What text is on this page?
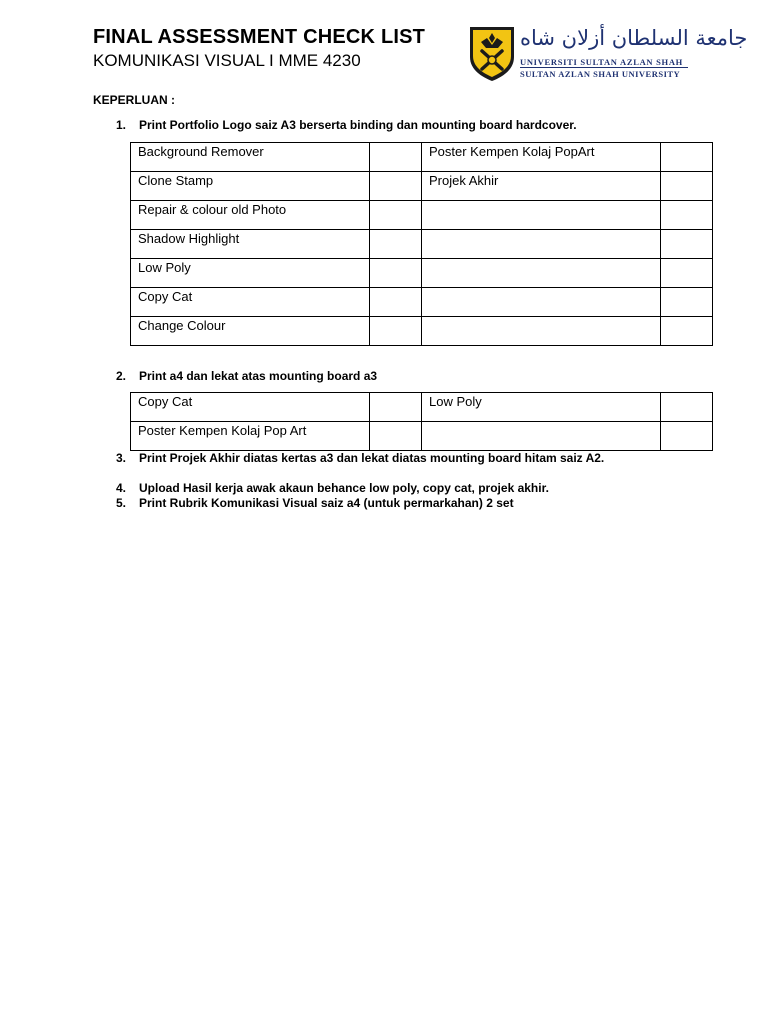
FINAL ASSESSMENT CHECK LIST
KOMUNIKASI VISUAL I MME 4230
جامعة السلطان أزلان شاه
UNIVERSITI SULTAN AZLAN SHAH
SULTAN AZLAN SHAH UNIVERSITY
KEPERLUAN :
1. Print Portfolio Logo saiz A3 berserta binding dan mounting board hardcover.
Background Remover		Poster Kempen Kolaj PopArt	
Clone Stamp		Projek Akhir	
Repair & colour old Photo			
Shadow Highlight			
Low Poly			
Copy Cat			
Change Colour			
2. Print a4 dan lekat atas mounting board a3
Copy Cat		Low Poly	
Poster Kempen Kolaj Pop Art			
3. Print Projek Akhir diatas kertas a3 dan lekat diatas mounting board hitam saiz A2.
4. Upload Hasil kerja awak akaun behance low poly, copy cat, projek akhir.
5. Print Rubrik Komunikasi Visual saiz a4 (untuk permarkahan) 2 set
